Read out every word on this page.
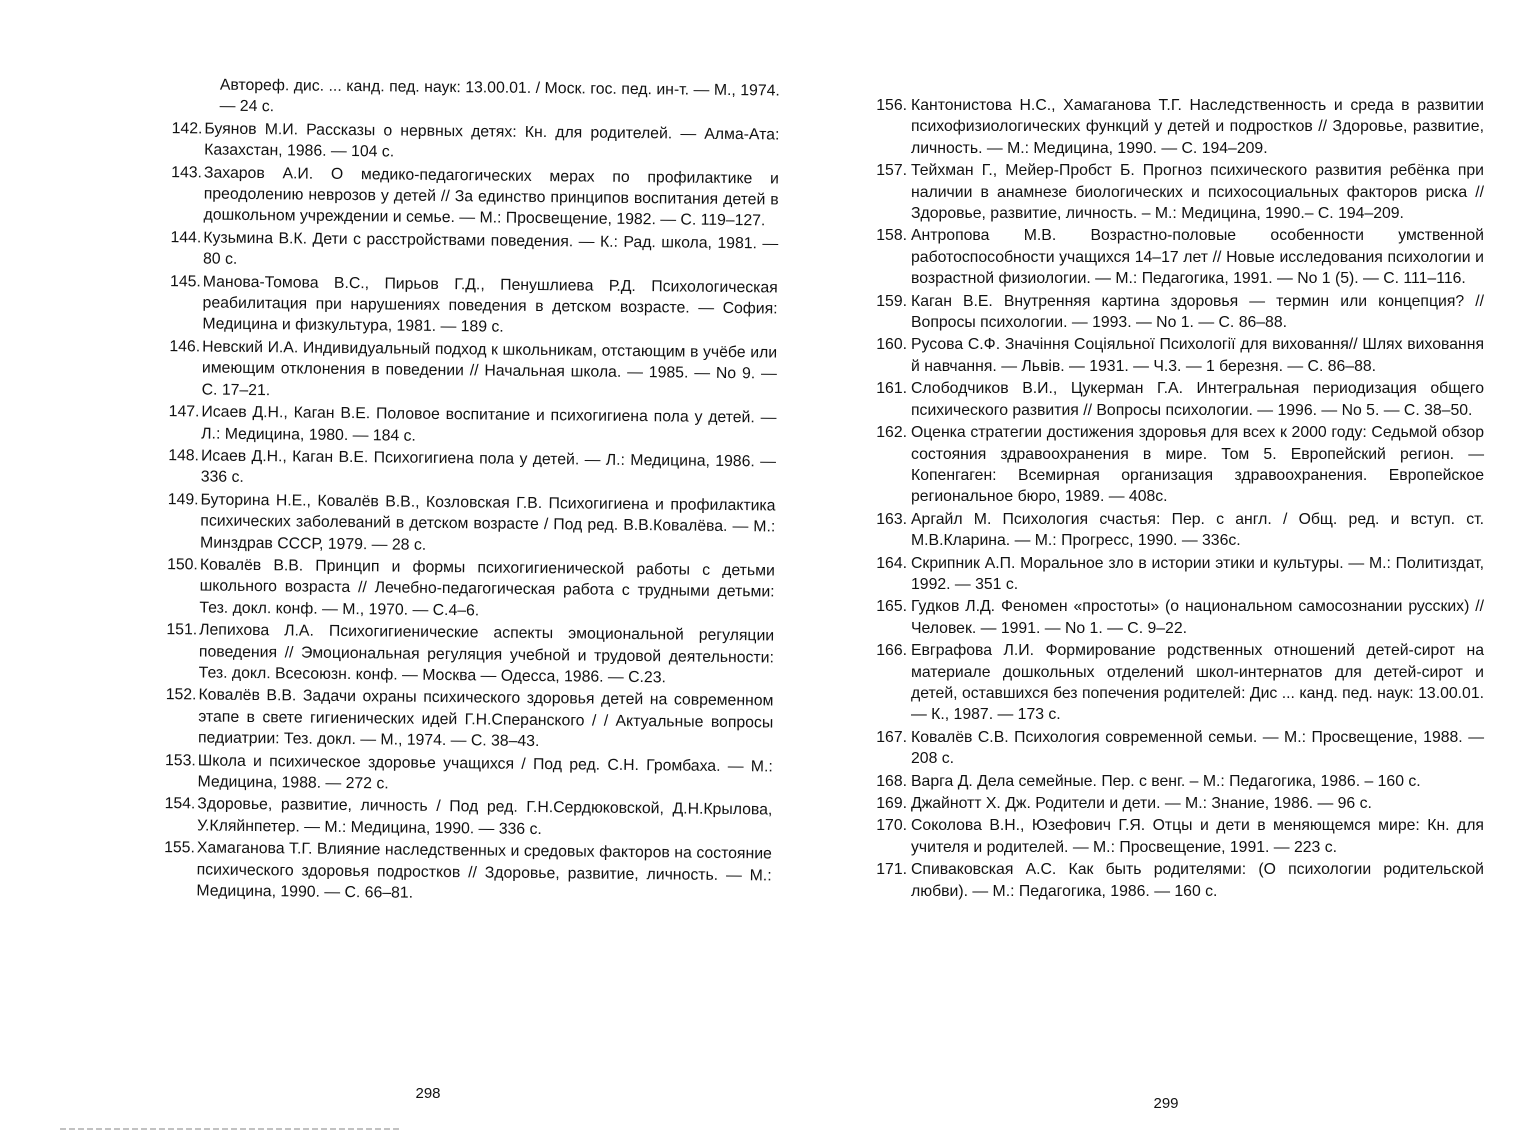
Автореф. дис. ... канд. пед. наук: 13.00.01. / Моск. гос. пед. ин-т. — М., 1974. — 24 с.
142. Буянов М.И. Рассказы о нервных детях: Кн. для родителей. — Алма-Ата: Казахстан, 1986. — 104 с.
143. Захаров А.И. О медико-педагогических мерах по профилактике и преодолению неврозов у детей // За единство принципов воспитания детей в дошкольном учреждении и семье. — М.: Просвещение, 1982. — С. 119–127.
144. Кузьмина В.К. Дети с расстройствами поведения. — К.: Рад. школа, 1981. — 80 с.
145. Манова-Томова В.С., Пирьов Г.Д., Пенушлиева Р.Д. Психологическая реабилитация при нарушениях поведения в детском возрасте. — София: Медицина и физкультура, 1981. — 189 с.
146. Невский И.А. Индивидуальный подход к школьникам, отстающим в учёбе или имеющим отклонения в поведении // Начальная школа. — 1985. — No 9. — С. 17–21.
147. Исаев Д.Н., Каган В.Е. Половое воспитание и психогигиена пола у детей. — Л.: Медицина, 1980. — 184 с.
148. Исаев Д.Н., Каган В.Е. Психогигиена пола у детей. — Л.: Медицина, 1986. — 336 с.
149. Буторина Н.Е., Ковалёв В.В., Козловская Г.В. Психогигиена и профилактика психических заболеваний в детском возрасте / Под ред. В.В.Ковалёва. — М.: Минздрав СССР, 1979. — 28 с.
150. Ковалёв В.В. Принцип и формы психогигиенической работы с детьми школьного возраста // Лечебно-педагогическая работа с трудными детьми: Тез. докл. конф. — М., 1970. — С.4–6.
151. Лепихова Л.А. Психогигиенические аспекты эмоциональной регуляции поведения // Эмоциональная регуляция учебной и трудовой деятельности: Тез. докл. Всесоюзн. конф. — Москва — Одесса, 1986. — С.23.
152. Ковалёв В.В. Задачи охраны психического здоровья детей на современном этапе в свете гигиенических идей Г.Н.Сперанского / / Актуальные вопросы педиатрии: Тез. докл. — М., 1974. — С. 38–43.
153. Школа и психическое здоровье учащихся / Под ред. С.Н. Громбаха. — М.: Медицина, 1988. — 272 с.
154. Здоровье, развитие, личность / Под ред. Г.Н.Сердюковской, Д.Н.Крылова, У.Кляйнпетер. — М.: Медицина, 1990. — 336 с.
155. Хамаганова Т.Г. Влияние наследственных и средовых факторов на состояние психического здоровья подростков // Здоровье, развитие, личность. — М.: Медицина, 1990. — С. 66–81.
298
156. Кантонистова Н.С., Хамаганова Т.Г. Наследственность и среда в развитии психофизиологических функций у детей и подростков // Здоровье, развитие, личность. — М.: Медицина, 1990. — С. 194–209.
157. Тейхман Г., Мейер-Пробст Б. Прогноз психического развития ребёнка при наличии в анамнезе биологических и психосоциальных факторов риска // Здоровье, развитие, личность. – М.: Медицина, 1990.– С. 194–209.
158. Антропова М.В. Возрастно-половые особенности умственной работоспособности учащихся 14–17 лет // Новые исследования психологии и возрастной физиологии. — М.: Педагогика, 1991. — No 1 (5). — С. 111–116.
159. Каган В.Е. Внутренняя картина здоровья — термин или концепция? // Вопросы психологии. — 1993. — No 1. — С. 86–88.
160. Русова С.Ф. Значіння Соціяльної Психології для виховання// Шлях виховання й навчання. — Львів. — 1931. — Ч.3. — 1 березня. — С. 86–88.
161. Слободчиков В.И., Цукерман Г.А. Интегральная периодизация общего психического развития // Вопросы психологии. — 1996. — No 5. — С. 38–50.
162. Оценка стратегии достижения здоровья для всех к 2000 году: Седьмой обзор состояния здравоохранения в мире. Том 5. Европейский регион. — Копенгаген: Всемирная организация здравоохранения. Европейское региональное бюро, 1989. — 408с.
163. Аргайл М. Психология счастья: Пер. с англ. / Общ. ред. и вступ. ст. М.В.Кларина. — М.: Прогресс, 1990. — 336с.
164. Скрипник А.П. Моральное зло в истории этики и культуры. — М.: Политиздат, 1992. — 351 с.
165. Гудков Л.Д. Феномен «простоты» (о национальном самосознании русских) // Человек. — 1991. — No 1. — С. 9–22.
166. Евграфова Л.И. Формирование родственных отношений детей-сирот на материале дошкольных отделений школ-интернатов для детей-сирот и детей, оставшихся без попечения родителей: Дис ... канд. пед. наук: 13.00.01. — К., 1987. — 173 с.
167. Ковалёв С.В. Психология современной семьи. — М.: Просвещение, 1988. — 208 с.
168. Варга Д. Дела семейные. Пер. с венг. – М.: Педагогика, 1986. – 160 с.
169. Джайнотт Х. Дж. Родители и дети. — М.: Знание, 1986. — 96 с.
170. Соколова В.Н., Юзефович Г.Я. Отцы и дети в меняющемся мире: Кн. для учителя и родителей. — М.: Просвещение, 1991. — 223 с.
171. Спиваковская А.С. Как быть родителями: (О психологии родительской любви). — М.: Педагогика, 1986. — 160 с.
299
